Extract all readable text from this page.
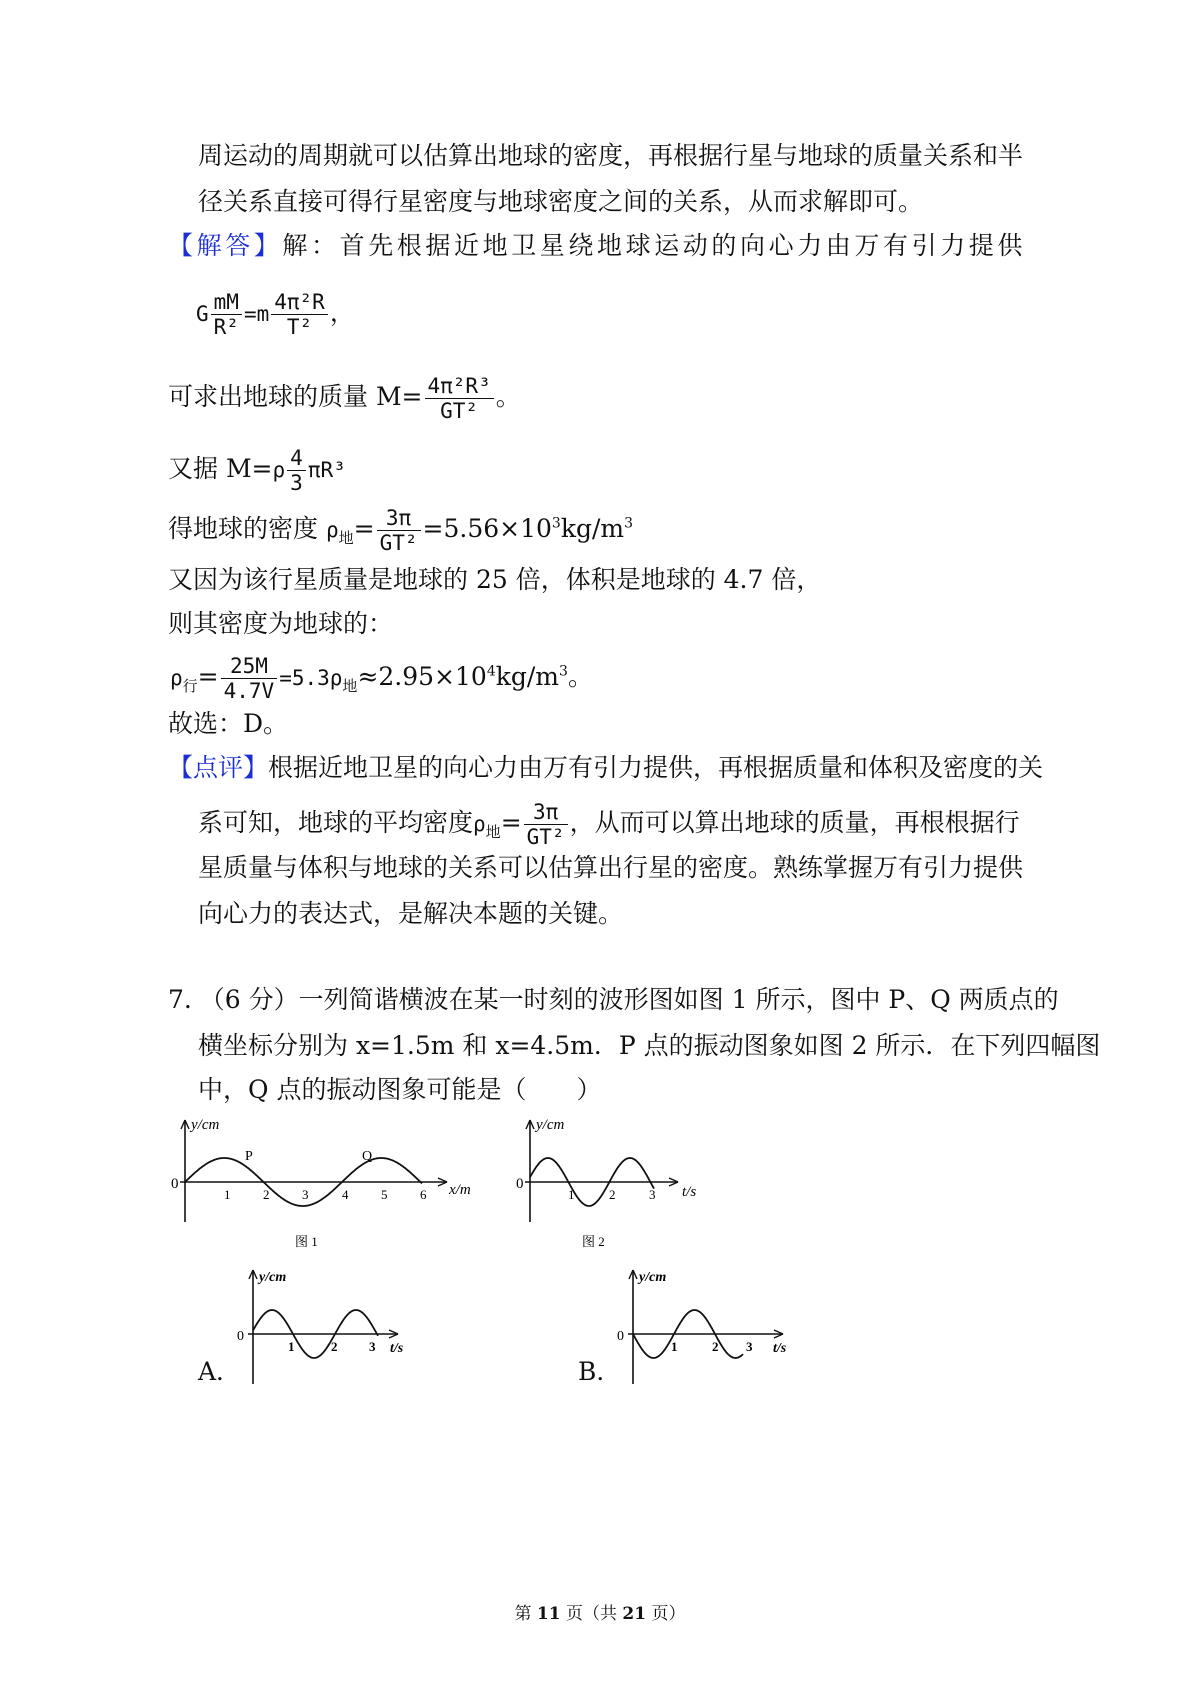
周运动的周期就可以估算出地球的密度，再根据行星与地球的质量关系和半
径关系直接可得行星密度与地球密度之间的关系，从而求解即可。
【解答】解：首先根据近地卫星绕地球运动的向心力由万有引力提供
G $\frac{mM}{\text{R²}} =m \frac{\text{4π²R}}{\text{T²}}$ ，
可求出地球的质量 $M= \frac{\text{4π²R³}}{\text{GT²}}$ 。
又据 $M=\rho \frac{4}{3} \pi R^3$
得地球的密度 $\rho_地= \frac{3\pi}{\text{GT²}} =5.56\times 10^3kg/m^3$
又因为该行星质量是地球的 25 倍，体积是地球的 4.7 倍，
则其密度为地球的：
$\rho_行= \frac{25M}{4.7V} =5.3\rho_地\approx 2.95\times 10^4kg/m^3$。
故选：D。
【点评】根据近地卫星的向心力由万有引力提供，再根据质量和体积及密度的关
系可知，地球的平均密度$\rho_地= \frac{3\pi}{\text{GT²}}$ ，从而可以算出地球的质量，再根根据行
星质量与体积与地球的关系可以估算出行星的密度。熟练掌握万有引力提供
向心力的表达式，是解决本题的关键。
7. （6 分）一列简谐横波在某一时刻的波形图如图 1 所示，图中 P、Q 两质点的
横坐标分别为 x=1.5m 和 x=4.5m．P 点的振动图象如图 2 所示．在下列四幅图
中，Q 点的振动图象可能是（　　）
y/cm
0	x/m
1	2	3	4	5	6
P	Q
图 1
y/cm
0	t/s
1	2	3
图 2
A．
y/cm
0
t/s
1	2 3
B．
y/cm
0
t/s
1	2 3
第 11 页（共 21 页）
